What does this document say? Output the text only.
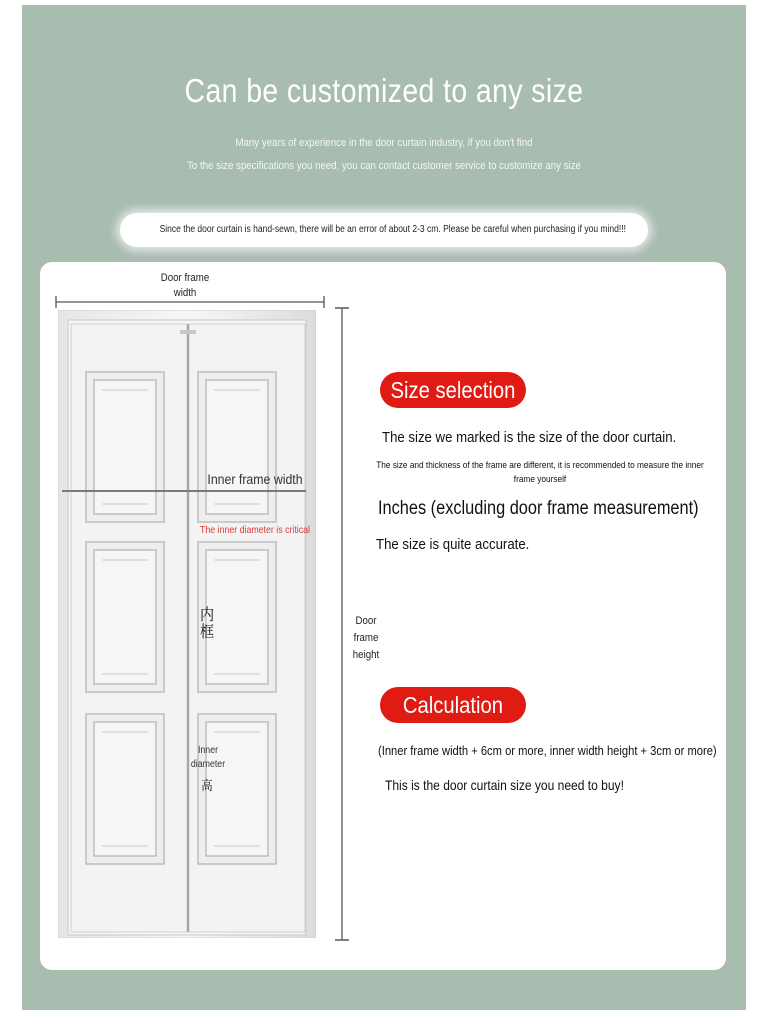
Can be customized to any size
Many years of experience in the door curtain industry, if you don't find
To the size specifications you need, you can contact customer service to customize any size
Since the door curtain is hand-sewn, there will be an error of about 2-3 cm. Please be careful when purchasing if you mind!!!
Door frame
width
Inner frame width
The inner diameter is critical
内
框
Inner
diameter
高
Door
frame
height
Size selection
The size we marked is the size of the door curtain.
The size and thickness of the frame are different, it is recommended to measure the inner frame yourself
Inches (excluding door frame measurement)
The size is quite accurate.
Calculation
(Inner frame width + 6cm or more, inner width height + 3cm or more)
This is the door curtain size you need to buy!
